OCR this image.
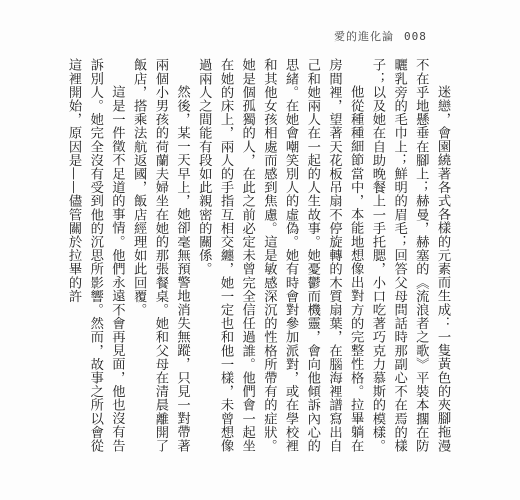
愛的進化論 008

迷戀，會園繞著各式各樣的元素而生成：一隻黃色的夾腳拖漫不在乎地懸垂在腳上；赫曼，赫塞的《流浪者之歌》平裝本擱在防曬乳旁的毛巾上；鮮明的眉毛；回答父母問話時那副心不在焉的樣子；以及她在自助晚餐上一手托腮，小口吃著巧克力慕斯的模樣。

他從種種細節當中，本能地想像出對方的完整性格。拉畢躺在房間裡，望著天花板吊扇不停旋轉的木質扇葉，在腦海裡譜寫出自己和她兩人在一起的人生故事。她憂鬱而機靈，會向他傾訴內心的思緒。在她會嘲笑別人的虛偽。她有時會對參加派對，或在學校裡和其他女孩相處而感到焦慮。這是敏感深沉的性格所帶有的症狀。她是個孤獨的人，在此之前必定未曾完全信任過誰。他們會一起坐在她的床上，兩人的手指互相交纏，她一定也和他一樣，未曾想像過兩人之間能有段如此親密的關係。

然後，某一天早上，她卻毫無預警地消失無蹤，只見一對帶著兩個小男孩的荷蘭夫婦坐在她的那張餐桌。她和父母在清晨離開了飯店，搭乘法航返國，飯店經理如此回覆。

這是一件徵不足道的事情。他們永遠不會再見面，他也沒有告訴別人。她完全沒有受到他的沉思所影響。然而，故事之所以會從這裡開始，原因是——儘管關於拉畢的許
